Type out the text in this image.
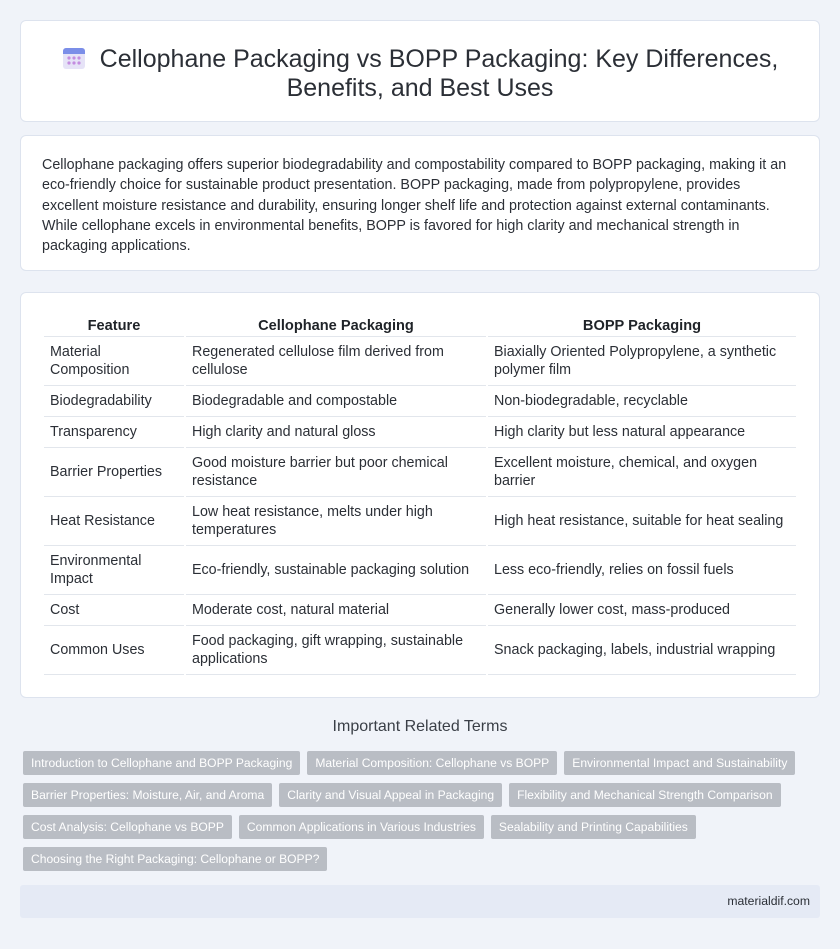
Cellophane Packaging vs BOPP Packaging: Key Differences,
Benefits, and Best Uses

Cellophane packaging offers superior biodegradability and compostability compared to BOPP packaging, making it an eco-friendly choice for sustainable product presentation. BOPP packaging, made from polypropylene, provides excellent moisture resistance and durability, ensuring longer shelf life and protection against external contaminants. While cellophane excels in environmental benefits, BOPP is favored for high clarity and mechanical strength in packaging applications.

Feature	Cellophane Packaging	BOPP Packaging
Material Composition	Regenerated cellulose film derived from cellulose	Biaxially Oriented Polypropylene, a synthetic polymer film
Biodegradability	Biodegradable and compostable	Non-biodegradable, recyclable
Transparency	High clarity and natural gloss	High clarity but less natural appearance
Barrier Properties	Good moisture barrier but poor chemical resistance	Excellent moisture, chemical, and oxygen barrier
Heat Resistance	Low heat resistance, melts under high temperatures	High heat resistance, suitable for heat sealing
Environmental Impact	Eco-friendly, sustainable packaging solution	Less eco-friendly, relies on fossil fuels
Cost	Moderate cost, natural material	Generally lower cost, mass-produced
Common Uses	Food packaging, gift wrapping, sustainable applications	Snack packaging, labels, industrial wrapping
Important Related Terms
Introduction to Cellophane and BOPP Packaging	Material Composition: Cellophane vs BOPP	Environmental Impact and Sustainability
Barrier Properties: Moisture, Air, and Aroma	Clarity and Visual Appeal in Packaging	Flexibility and Mechanical Strength Comparison
Cost Analysis: Cellophane vs BOPP	Common Applications in Various Industries	Sealability and Printing Capabilities
Choosing the Right Packaging: Cellophane or BOPP?
materialdif.com
